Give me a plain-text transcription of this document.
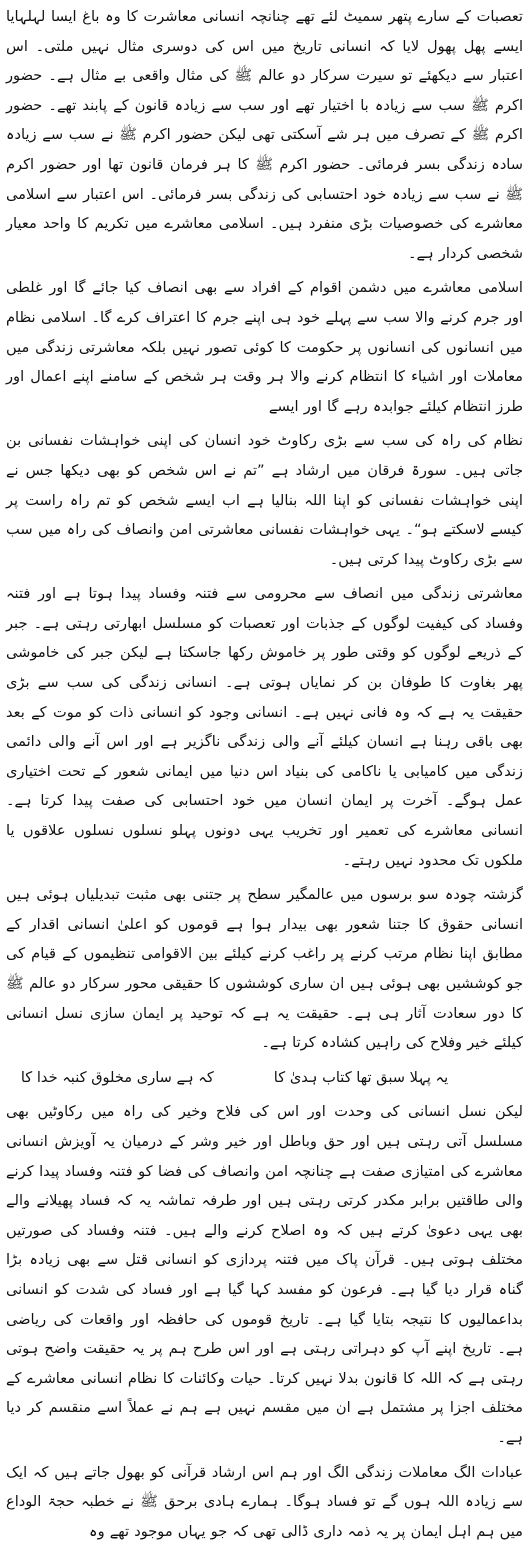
تعصبات کے سارے پتھر سمیٹ لئے تھے چنانچہ انسانی معاشرت کا وہ باغ ایسا لہلہایا ایسے پھل پھول لایا کہ انسانی تاریخ میں اس کی دوسری مثال نہیں ملتی۔ اس اعتبار سے دیکھئے تو سیرت سرکار دو عالم ﷺ کی مثال واقعی بے مثال ہے۔ حضور اکرم ﷺ سب سے زیادہ با اختیار تھے اور سب سے زیادہ قانون کے پابند تھے۔ حضور اکرم ﷺ کے تصرف میں ہر شے آسکتی تھی لیکن حضور اکرم ﷺ نے سب سے زیادہ سادہ زندگی بسر فرمائی۔ حضور اکرم ﷺ کا ہر فرمان قانون تھا اور حضور اکرم ﷺ نے سب سے زیادہ خود احتسابی کی زندگی بسر فرمائی۔ اس اعتبار سے اسلامی معاشرے کی خصوصیات بڑی منفرد ہیں۔ اسلامی معاشرے میں تکریم کا واحد معیار شخصی کردار ہے۔

اسلامی معاشرے میں دشمن اقوام کے افراد سے بھی انصاف کیا جائے گا اور غلطی اور جرم کرنے والا سب سے پہلے خود ہی اپنے جرم کا اعتراف کرے گا۔ اسلامی نظام میں انسانوں کی انسانوں پر حکومت کا کوئی تصور نہیں بلکہ معاشرتی زندگی میں معاملات اور اشیاء کا انتظام کرنے والا ہر وقت ہر شخص کے سامنے اپنے اعمال اور طرز انتظام کیلئے جوابدہ رہے گا اور ایسے

نظام کی راہ کی سب سے بڑی رکاوٹ خود انسان کی اپنی خواہشات نفسانی بن جاتی ہیں۔ سورۃ فرقان میں ارشاد ہے ”تم نے اس شخص کو بھی دیکھا جس نے اپنی خواہشات نفسانی کو اپنا اللہ بنالیا ہے اب ایسے شخص کو تم راہ راست پر کیسے لاسکتے ہو“۔ یہی خواہشات نفسانی معاشرتی امن وانصاف کی راہ میں سب سے بڑی رکاوٹ پیدا کرتی ہیں۔

معاشرتی زندگی میں انصاف سے محرومی سے فتنہ وفساد پیدا ہوتا ہے اور فتنہ وفساد کی کیفیت لوگوں کے جذبات اور تعصبات کو مسلسل ابھارتی رہتی ہے۔ جبر کے ذریعے لوگوں کو وقتی طور پر خاموش رکھا جاسکتا ہے لیکن جبر کی خاموشی پھر بغاوت کا طوفان بن کر نمایاں ہوتی ہے۔ انسانی زندگی کی سب سے بڑی حقیقت یہ ہے کہ وہ فانی نہیں ہے۔ انسانی وجود کو انسانی ذات کو موت کے بعد بھی باقی رہنا ہے انسان کیلئے آنے والی زندگی ناگزیر ہے اور اس آنے والی دائمی زندگی میں کامیابی یا ناکامی کی بنیاد اس دنیا میں ایمانی شعور کے تحت اختیاری عمل ہوگے۔ آخرت پر ایمان انسان میں خود احتسابی کی صفت پیدا کرتا ہے۔ انسانی معاشرے کی تعمیر اور تخریب یہی دونوں پہلو نسلوں نسلوں علاقوں یا ملکوں تک محدود نہیں رہتے۔

گزشتہ چودہ سو برسوں میں عالمگیر سطح پر جتنی بھی مثبت تبدیلیاں ہوئی ہیں انسانی حقوق کا جتنا شعور بھی بیدار ہوا ہے قوموں کو اعلیٰ انسانی اقدار کے مطابق اپنا نظام مرتب کرنے پر راغب کرنے کیلئے بین الاقوامی تنظیموں کے قیام کی جو کوششیں بھی ہوئی ہیں ان ساری کوششوں کا حقیقی محور سرکار دو عالم ﷺ کا دور سعادت آثار ہی ہے۔ حقیقت یہ ہے کہ توحید پر ایمان سازی نسل انسانی کیلئے خیر وفلاح کی راہیں کشادہ کرتا ہے۔

یہ پہلا سبق تھا کتاب ہدیٰ کا
کہ ہے ساری مخلوق کنبہ خدا کا

لیکن نسل انسانی کی وحدت اور اس کی فلاح وخیر کی راہ میں رکاوٹیں بھی مسلسل آتی رہتی ہیں اور حق وباطل اور خیر وشر کے درمیان یہ آویزش انسانی معاشرے کی امتیازی صفت ہے چنانچہ امن وانصاف کی فضا کو فتنہ وفساد پیدا کرنے والی طاقتیں برابر مکدر کرتی رہتی ہیں اور طرفہ تماشہ یہ کہ فساد پھیلانے والے بھی یہی دعویٰ کرتے ہیں کہ وہ اصلاح کرنے والے ہیں۔ فتنہ وفساد کی صورتیں مختلف ہوتی ہیں۔ قرآن پاک میں فتنہ پردازی کو انسانی قتل سے بھی زیادہ بڑا گناہ قرار دیا گیا ہے۔ فرعون کو مفسد کہا گیا ہے اور فساد کی شدت کو انسانی بداعمالیوں کا نتیجہ بتایا گیا ہے۔ تاریخ قوموں کی حافظہ اور واقعات کی ریاضی ہے۔ تاریخ اپنے آپ کو دہراتی رہتی ہے اور اس طرح ہم پر یہ حقیقت واضح ہوتی رہتی ہے کہ اللہ کا قانون بدلا نہیں کرتا۔ حیات وکائنات کا نظام انسانی معاشرے کے مختلف اجزا پر مشتمل ہے ان میں مقسم نہیں ہے ہم نے عملاً اسے منقسم کر دیا ہے۔

عبادات الگ معاملات زندگی الگ اور ہم اس ارشاد قرآنی کو بھول جاتے ہیں کہ ایک سے زیادہ اللہ ہوں گے تو فساد ہوگا۔ ہمارے ہادی برحق ﷺ نے خطبہ حجۃ الوداع میں ہم اہل ایمان پر یہ ذمہ داری ڈالی تھی کہ جو یہاں موجود تھے وہ
